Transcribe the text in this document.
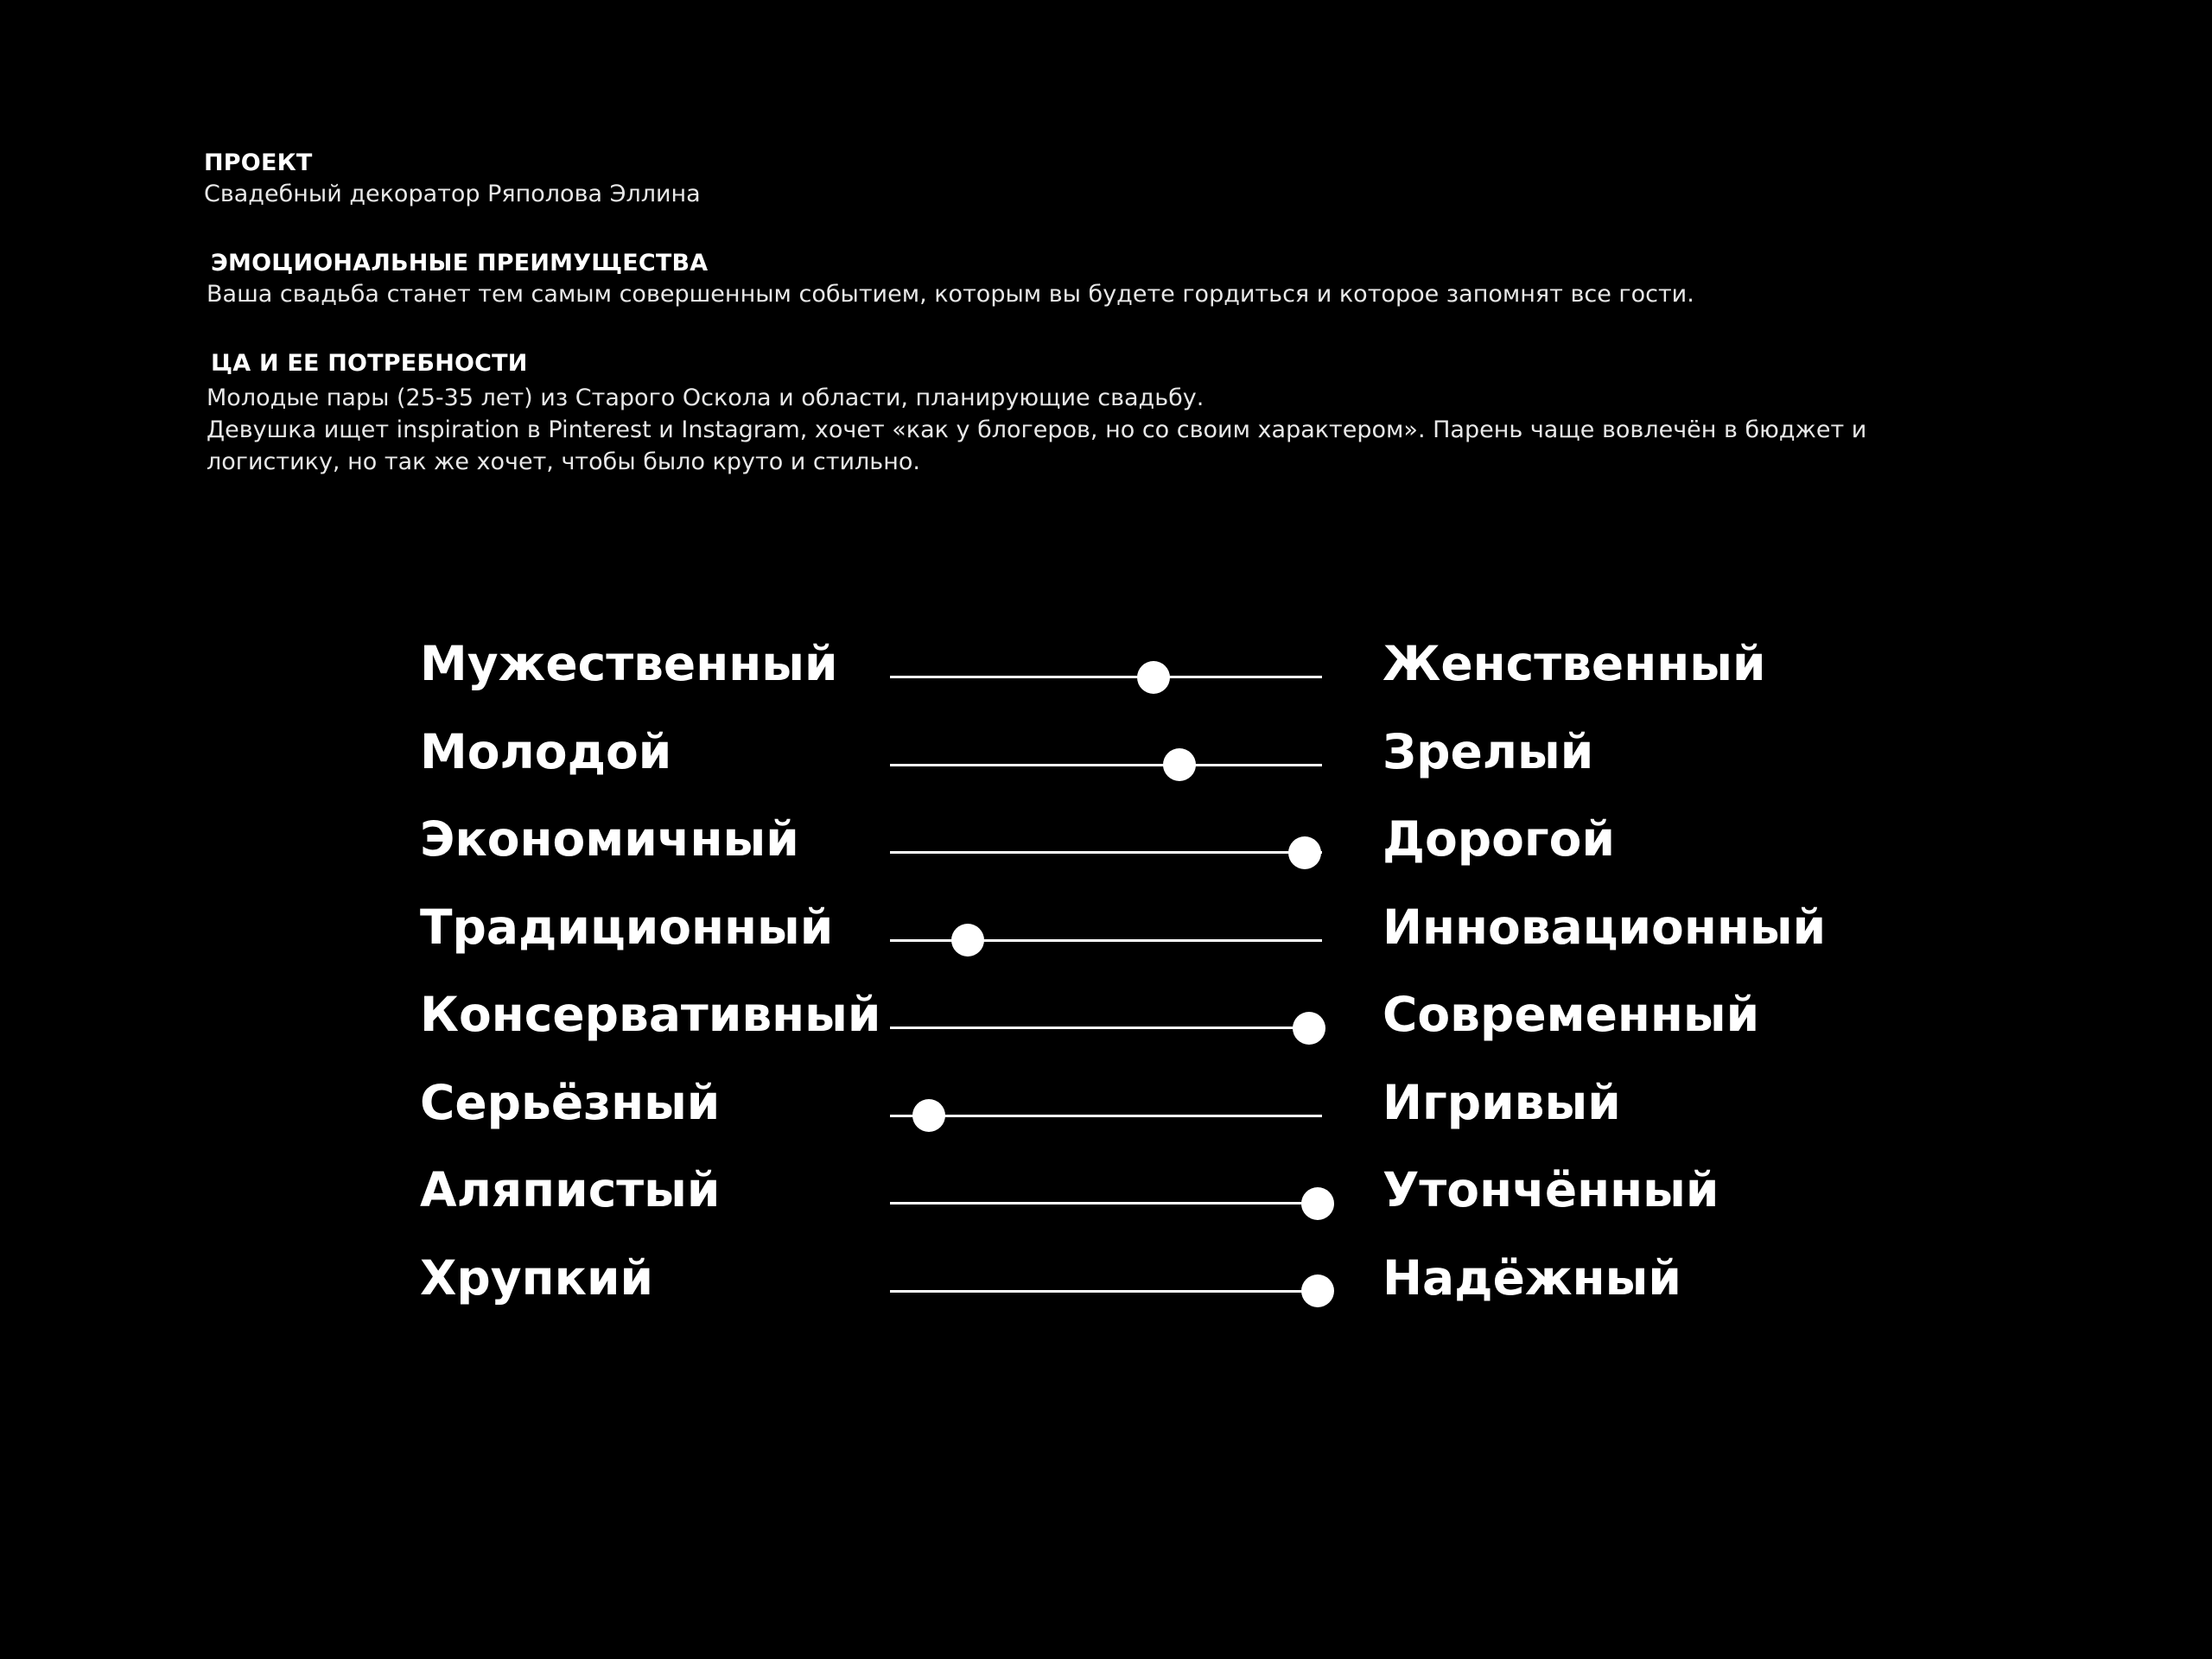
ПРОЕКТ

Свадебный декоратор Ряполова Эллина

ЭМОЦИОНАЛЬНЫЕ ПРЕИМУЩЕСТВА

Ваша свадьба станет тем самым совершенным событием, которым вы будете гордиться и которое запомнят все гости.

ЦА И ЕЕ ПОТРЕБНОСТИ

Молодые пары (25-35 лет) из Старого Оскола и области, планирующие свадьбу.

Девушка ищет inspiration в Pinterest и Instagram, хочет «как у блогеров, но со своим характером». Парень чаще вовлечён в бюджет и

логистику, но так же хочет, чтобы было круто и стильно.

Мужественный	Женственный
Молодой	Зрелый
Экономичный	Дорогой
Традиционный	Инновационный
Консервативный	Современный
Серьёзный	Игривый
Аляпистый	Утончённый
Хрупкий	Надёжный
